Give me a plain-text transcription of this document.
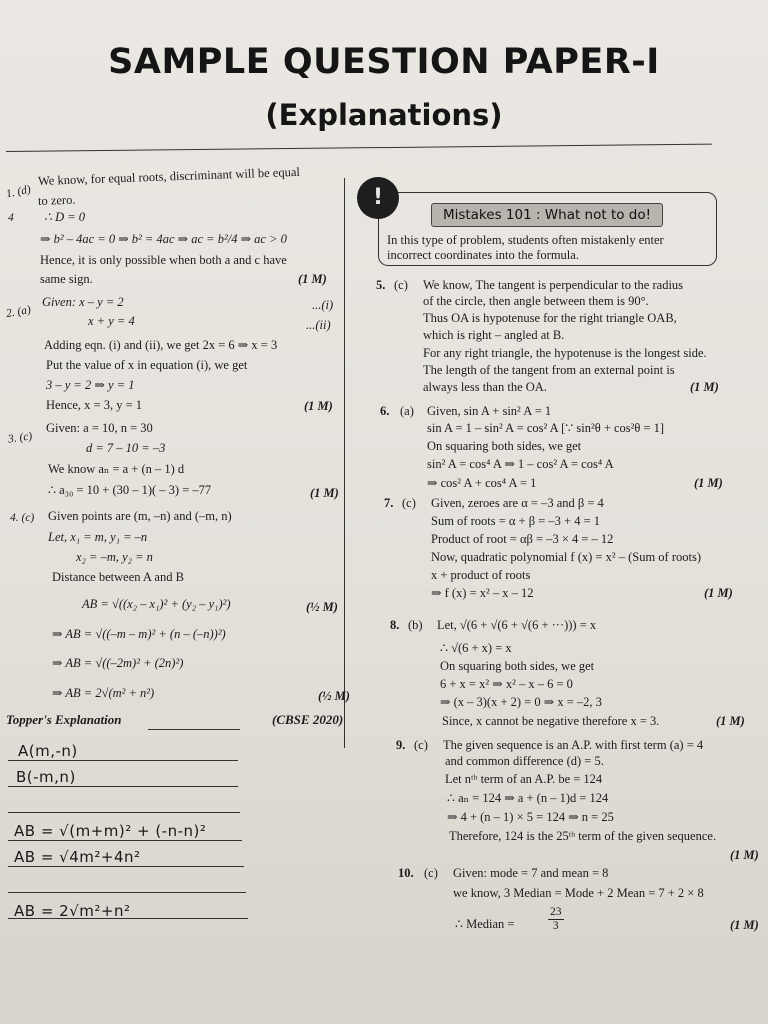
SAMPLE QUESTION PAPER-I
(Explanations)
1. (d)
4
We know, for equal roots, discriminant will be equal
to zero.
∴ D = 0
⇒ b² – 4ac = 0 ⇒ b² = 4ac ⇒ ac = b²/4 ⇒ ac > 0
Hence, it is only possible when both a and c have
same sign.	(1 M)
2. (a)
Given: x – y = 2
x + y = 4
...(i)
...(ii)
Adding eqn. (i) and (ii), we get 2x = 6 ⇒ x = 3
Put the value of x in equation (i), we get
3 – y = 2 ⇒ y = 1
Hence, x = 3, y = 1	(1 M)
3. (c)
Given: a = 10, n = 30
d = 7 – 10 = –3
We know aₙ = a + (n – 1) d
∴ a₃₀ = 10 + (30 – 1)( – 3) = –77	(1 M)
4. (c) Given points are (m, –n) and (–m, n)
Let, x₁ = m, y₁ = –n
x₂ = –m, y₂ = n
Distance between A and B
AB = √((x₂ – x₁)² + (y₂ – y₁)²)	(½ M)
⇒ AB = √((–m – m)² + (n – (–n))²)
⇒ AB = √((–2m)² + (2n)²)
⇒ AB = 2√(m² + n²)	(½ M)
Topper's Explanation	(CBSE 2020)
A(m,-n)
B(-m,n)
AB = √(m+m)² + (-n-n)²
AB = √4m²+4n²
AB = 2√m²+n²
Mistakes 101 : What not to do!
In this type of problem, students often mistakenly enter
incorrect coordinates into the formula.
!
5. (c) We know, The tangent is perpendicular to the radius
of the circle, then angle between them is 90°.
Thus OA is hypotenuse for the right triangle OAB,
which is right – angled at B.
For any right triangle, the hypotenuse is the longest side.
The length of the tangent from an external point is
always less than the OA.	(1 M)
6. (a) Given, sin A + sin² A = 1
sin A = 1 – sin² A = cos² A [∵ sin²θ + cos²θ = 1]
On squaring both sides, we get
sin² A = cos⁴ A ⇒ 1 – cos² A = cos⁴ A
⇒ cos² A + cos⁴ A = 1	(1 M)
7. (c) Given, zeroes are α = –3 and β = 4
Sum of roots = α + β = –3 + 4 = 1
Product of root = αβ = –3 × 4 = – 12
Now, quadratic polynomial f (x) = x² – (Sum of roots)
x + product of roots
⇒ f (x) = x² – x – 12	(1 M)
8. (b) Let, √(6 + √(6 + √(6 + ···))) = x
∴ √(6 + x) = x
On squaring both sides, we get
6 + x = x² ⇒ x² – x – 6 = 0
⇒ (x – 3)(x + 2) = 0 ⇒ x = –2, 3
Since, x cannot be negative therefore x = 3.	(1 M)
9. (c) The given sequence is an A.P. with first term (a) = 4
and common difference (d) = 5.
Let nᵗʰ term of an A.P. be = 124
∴ aₙ = 124 ⇒ a + (n – 1)d = 124
⇒ 4 + (n – 1) × 5 = 124 ⇒ n = 25
Therefore, 124 is the 25ᵗʰ term of the given sequence.
(1 M)
10. (c) Given: mode = 7 and mean = 8
we know, 3 Median = Mode + 2 Mean = 7 + 2 × 8
∴ Median =	$\frac{23}{3}$	(1 M)
